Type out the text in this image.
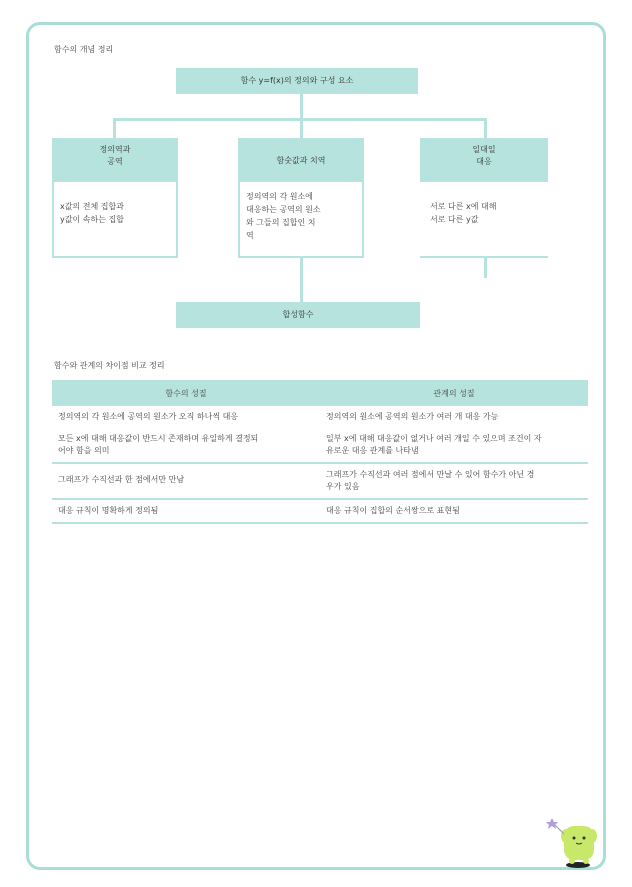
함수의 개념 정리
함수 y=f(x)의 정의와 구성 요소
정의역과
공역
x값의 전체 집합과
y값이 속하는 집합
함숫값과 치역
정의역의 각 원소에
대응하는 공역의 원소
와 그들의 집합인 치
역
일대일
대응
서로 다른 x에 대해
서로 다른 y값
합성함수
함수와 관계의 차이점 비교 정리
함수의 성질	관계의 성질
정의역의 각 원소에 공역의 원소가 오직 하나씩 대응	정의역의 원소에 공역의 원소가 여러 개 대응 가능
모든 x에 대해 대응값이 반드시 존재하며 유일하게 결정되
어야 함을 의미	일부 x에 대해 대응값이 없거나 여러 개일 수 있으며 조건이 자
유로운 대응 관계를 나타냄
그래프가 수직선과 한 점에서만 만남	그래프가 수직선과 여러 점에서 만날 수 있어 함수가 아닌 경
우가 있음
대응 규칙이 명확하게 정의됨	대응 규칙이 집합의 순서쌍으로 표현됨
